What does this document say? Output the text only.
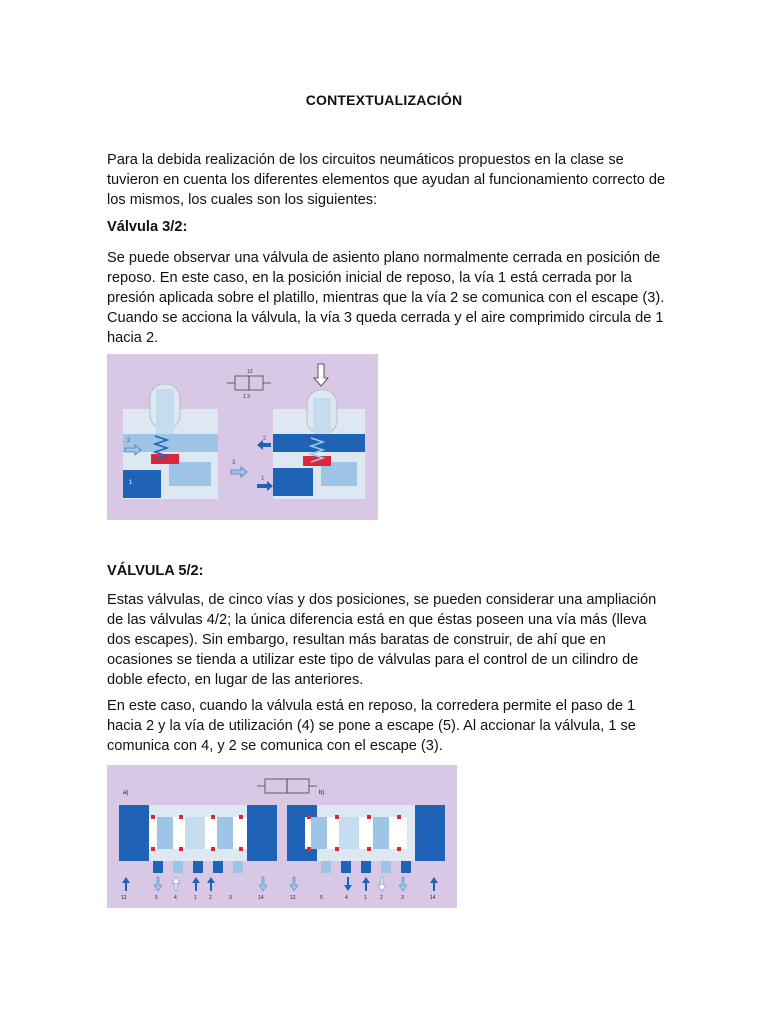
CONTEXTUALIZACIÓN
Para la debida realización de los circuitos neumáticos propuestos en la clase se tuvieron en cuenta los diferentes elementos que ayudan al funcionamiento correcto de los mismos, los cuales son los siguientes:
Válvula 3/2:
Se puede observar una válvula de asiento plano normalmente cerrada en posición de reposo. En este caso, en la posición inicial de reposo, la vía 1 está cerrada por la presión aplicada sobre el platillo, mientras que la vía 2 se comunica con el escape (3). Cuando se acciona la válvula, la vía 3 queda cerrada y el aire comprimido circula de 1 hacia 2.
12
1 3
2
1
2
3
1
VÁLVULA 5/2:
Estas válvulas, de cinco vías y dos posiciones, se pueden considerar una ampliación de las válvulas 4/2; la única diferencia está en que éstas poseen una vía más (lleva dos escapes). Sin embargo, resultan más baratas de construir, de ahí que en ocasiones se tienda a utilizar este tipo de válvulas para el control de un cilindro de doble efecto, en lugar de las anteriores.
En este caso, cuando la válvula está en reposo, la corredera permite el paso de 1 hacia 2 y la vía de utilización (4) se pone a escape (5). Al accionar la válvula, 1 se comunica con 4, y 2 se comunica con el escape (3).
a)	b)
12	5	4	1 2	3	14	12	5	4	1	2	3	14
